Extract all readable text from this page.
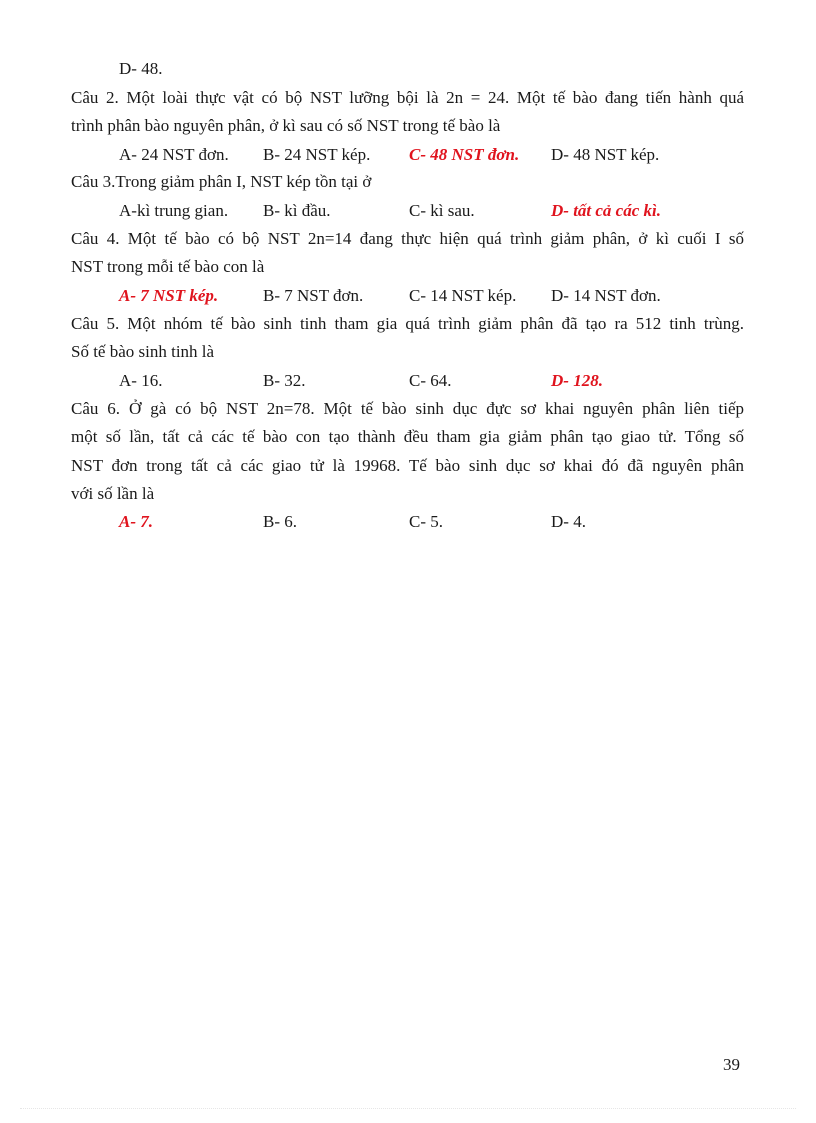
D- 48.
Câu 2. Một loài thực vật có bộ NST lưỡng bội là 2n = 24. Một tế bào đang tiến hành quá
trình phân bào nguyên phân, ở kì sau có số NST trong tế bào là
A- 24 NST đơn. B- 24 NST kép. C- 48 NST đơn. D- 48 NST kép.
Câu 3.Trong giảm phân I, NST kép tồn tại ở
A-kì trung gian. B- kì đầu.	C- kì sau.	D- tất cả các kì.
Câu 4. Một tế bào có bộ NST 2n=14 đang thực hiện quá trình giảm phân, ở kì cuối I số
NST trong mỗi tế bào con là
A- 7 NST kép.	B- 7 NST đơn.	C- 14 NST kép. D- 14 NST đơn.
Câu 5. Một nhóm tế bào sinh tinh tham gia quá trình giảm phân đã tạo ra 512 tinh trùng.
Số tế bào sinh tinh là
A- 16.	B- 32.	C- 64.	D- 128.
Câu 6. Ở gà có bộ NST 2n=78. Một tế bào sinh dục đực sơ khai nguyên phân liên tiếp
một số lần, tất cả các tế bào con tạo thành đều tham gia giảm phân tạo giao tử. Tổng số
NST đơn trong tất cả các giao tử là 19968. Tế bào sinh dục sơ khai đó đã nguyên phân
với số lần là
A- 7.	B- 6.	C- 5.	D- 4.
39
